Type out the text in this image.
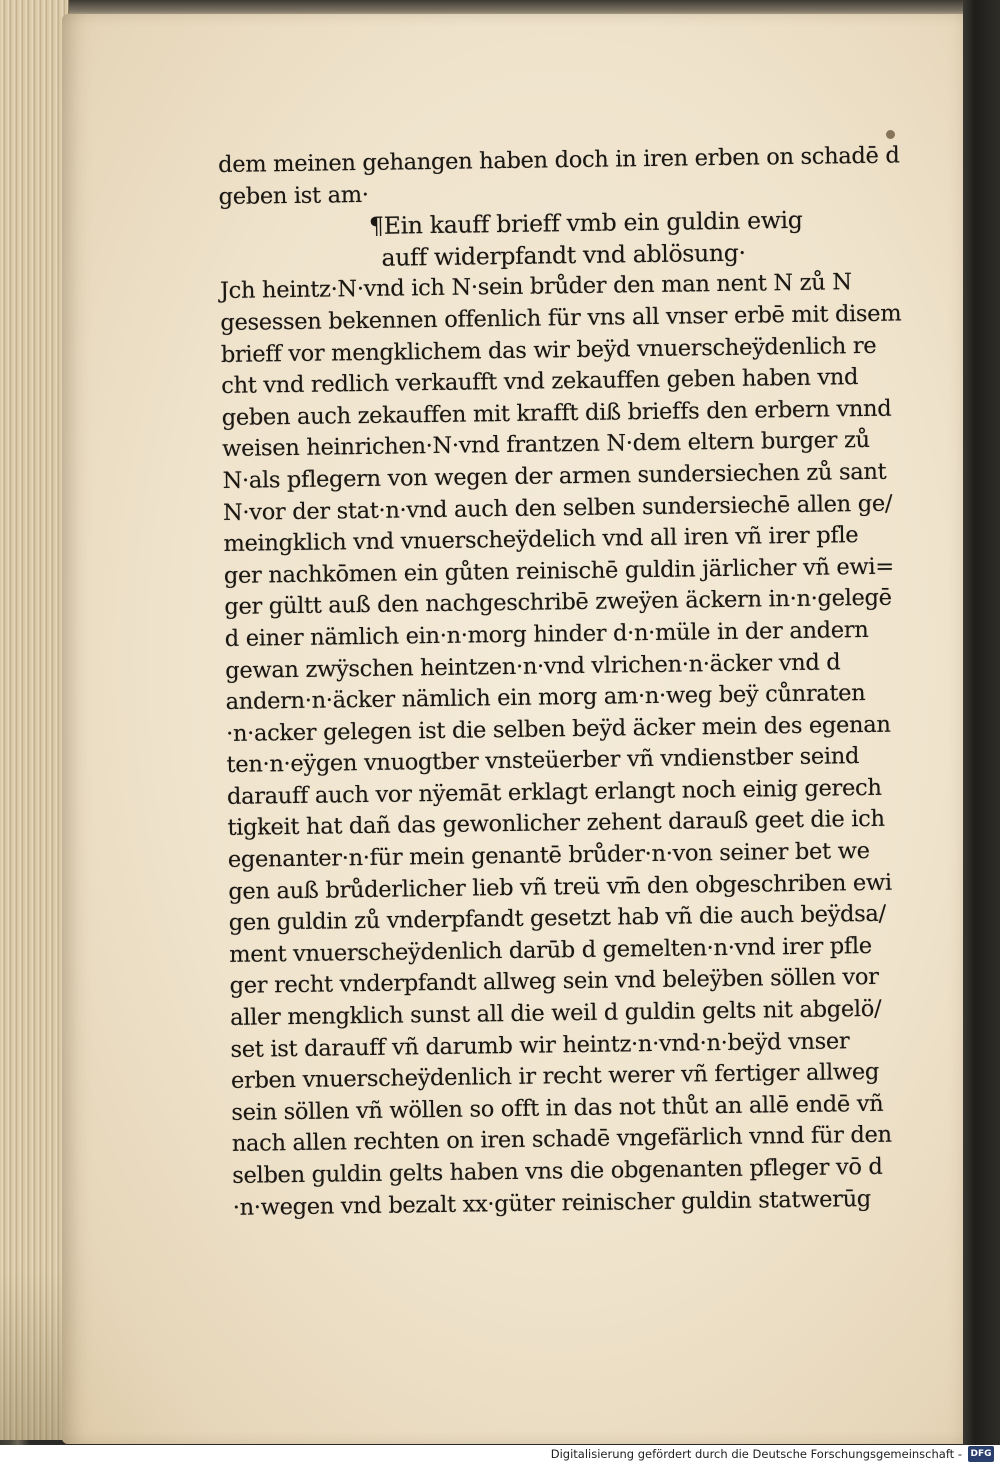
dem meinen gehangen haben doch in iren erben on schadē d
geben ist am·
¶Ein kauff brieff vmb ein guldin ewig
auff widerpfandt vnd ablösung·
Jch heintz·N·vnd ich N·sein brůder den man nent N zů N
gesessen bekennen offenlich für vns all vnser erbē mit disem
brieff vor mengklichem das wir beÿd vnuerscheÿdenlich re
cht vnd redlich verkaufft vnd zekauffen geben haben vnd
geben auch zekauffen mit krafft diß brieffs den erbern vnnd
weisen heinrichen·N·vnd frantzen N·dem eltern burger zů
N·als pflegern von wegen der armen sundersiechen zů sant
N·vor der stat·n·vnd auch den selben sundersiechē allen ge/
meingklich vnd vnuerscheÿdelich vnd all iren vñ irer pfle
ger nachkōmen ein gůten reinischē guldin järlicher vñ ewi=
ger gültt auß den nachgeschribē zweÿen äckern in·n·gelegē
d einer nämlich ein·n·morg hinder d·n·müle in der andern
gewan zwÿschen heintzen·n·vnd vlrichen·n·äcker vnd d
andern·n·äcker nämlich ein morg am·n·weg beÿ cůnraten
·n·acker gelegen ist die selben beÿd äcker mein des egenan
ten·n·eÿgen vnuogtber vnsteüerber vñ vndienstber seind
darauff auch vor nÿemāt erklagt erlangt noch einig gerech
tigkeit hat dañ das gewonlicher zehent darauß geet die ich
egenanter·n·für mein genantē brůder·n·von seiner bet we
gen auß brůderlicher lieb vñ treü vm̄ den obgeschriben ewi
gen guldin zů vnderpfandt gesetzt hab vñ die auch beÿdsa/
ment vnuerscheÿdenlich darūb d gemelten·n·vnd irer pfle
ger recht vnderpfandt allweg sein vnd beleÿben söllen vor
aller mengklich sunst all die weil d guldin gelts nit abgelö/
set ist darauff vñ darumb wir heintz·n·vnd·n·beÿd vnser
erben vnuerscheÿdenlich ir recht werer vñ fertiger allweg
sein söllen vñ wöllen so offt in das not thůt an allē endē vñ
nach allen rechten on iren schadē vngefärlich vnnd für den
selben guldin gelts haben vns die obgenanten pfleger vō d
·n·wegen vnd bezalt xx·güter reinischer guldin statwerūg
Digitalisierung gefördert durch die Deutsche Forschungsgemeinschaft - DFG
